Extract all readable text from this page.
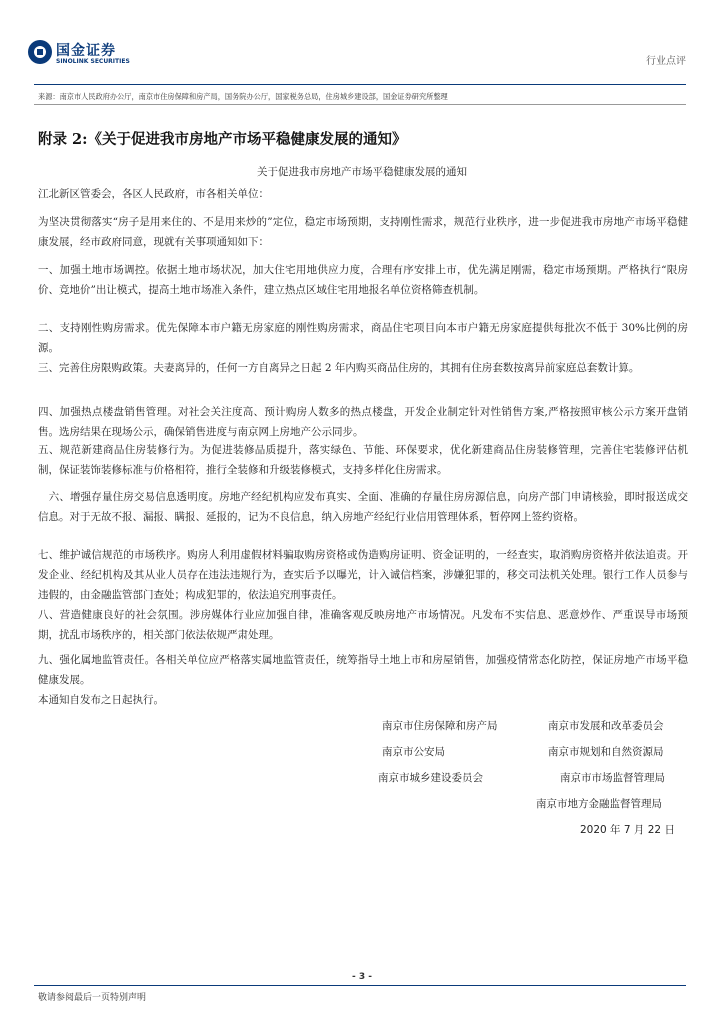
国金证券
SINOLINK SECURITIES	行业点评
来源：南京市人民政府办公厅，南京市住房保障和房产局，国务院办公厅，国家税务总局，住房城乡建设部，国金证券研究所整理
附录 2:《关于促进我市房地产市场平稳健康发展的通知》
关于促进我市房地产市场平稳健康发展的通知
江北新区管委会，各区人民政府，市各相关单位：
为坚决贯彻落实“房子是用来住的、不是用来炒的”定位，稳定市场预期，支持刚性需求，规范行业秩序，进一步促进我市房地产市场平稳健康发展，经市政府同意，现就有关事项通知如下：
一、加强土地市场调控。依据土地市场状况，加大住宅用地供应力度，合理有序安排上市，优先满足刚需，稳定市场预期。严格执行“限房价、竞地价”出让模式，提高土地市场准入条件，建立热点区域住宅用地报名单位资格筛查机制。
二、支持刚性购房需求。优先保障本市户籍无房家庭的刚性购房需求，商品住宅项目向本市户籍无房家庭提供每批次不低于 30%比例的房源。
三、完善住房限购政策。夫妻离异的，任何一方自离异之日起 2 年内购买商品住房的，其拥有住房套数按离异前家庭总套数计算。
四、加强热点楼盘销售管理。对社会关注度高、预计购房人数多的热点楼盘，开发企业制定针对性销售方案,严格按照审核公示方案开盘销售。选房结果在现场公示，确保销售进度与南京网上房地产公示同步。
五、规范新建商品住房装修行为。为促进装修品质提升，落实绿色、节能、环保要求，优化新建商品住房装修管理，完善住宅装修评估机制，保证装饰装修标准与价格相符，推行全装修和升级装修模式，支持多样化住房需求。
　六、增强存量住房交易信息透明度。房地产经纪机构应发布真实、全面、准确的存量住房房源信息，向房产部门申请核验，即时报送成交信息。对于无故不报、漏报、瞒报、延报的，记为不良信息，纳入房地产经纪行业信用管理体系，暂停网上签约资格。
七、维护诚信规范的市场秩序。购房人利用虚假材料骗取购房资格或伪造购房证明、资金证明的，一经查实，取消购房资格并依法追责。开发企业、经纪机构及其从业人员存在违法违规行为，查实后予以曝光，计入诚信档案，涉嫌犯罪的，移交司法机关处理。银行工作人员参与违假的，由金融监管部门查处；构成犯罪的，依法追究刑事责任。
八、营造健康良好的社会氛围。涉房媒体行业应加强自律，准确客观反映房地产市场情况。凡发布不实信息、恶意炒作、严重误导市场预期，扰乱市场秩序的，相关部门依法依规严肃处理。
九、强化属地监管责任。各相关单位应严格落实属地监管责任，统筹指导土地上市和房屋销售，加强疫情常态化防控，保证房地产市场平稳健康发展。
本通知自发布之日起执行。
南京市住房保障和房产局	南京市发展和改革委员会
南京市公安局	南京市规划和自然资源局
南京市城乡建设委员会	南京市市场监督管理局
南京市地方金融监督管理局
2020 年 7 月 22 日
- 3 -
敬请参阅最后一页特别声明
